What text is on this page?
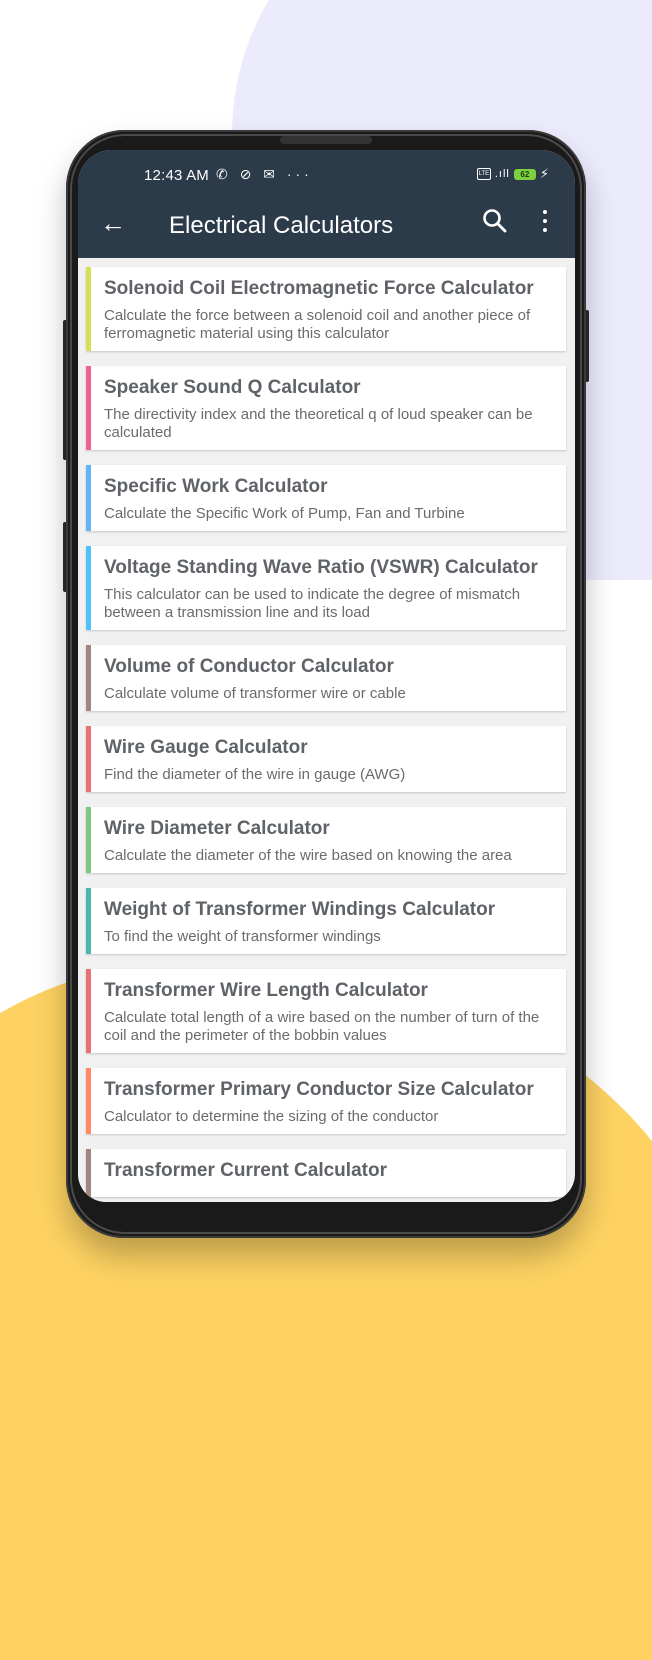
12:43 AM ✆ ⊘ ✉ ···	LTE .ıll	62 ⚡
← Electrical Calculators
Solenoid Coil Electromagnetic Force Calculator
Calculate the force between a solenoid coil and another piece of ferromagnetic material using this calculator
Speaker Sound Q Calculator
The directivity index and the theoretical q of loud speaker can be calculated
Specific Work Calculator
Calculate the Specific Work of Pump, Fan and Turbine
Voltage Standing Wave Ratio (VSWR) Calculator
This calculator can be used to indicate the degree of mismatch between a transmission line and its load
Volume of Conductor Calculator
Calculate volume of transformer wire or cable
Wire Gauge Calculator
Find the diameter of the wire in gauge (AWG)
Wire Diameter Calculator
Calculate the diameter of the wire based on knowing the area
Weight of Transformer Windings Calculator
To find the weight of transformer windings
Transformer Wire Length Calculator
Calculate total length of a wire based on the number of turn of the coil and the perimeter of the bobbin values
Transformer Primary Conductor Size Calculator
Calculator to determine the sizing of the conductor
Transformer Current Calculator
